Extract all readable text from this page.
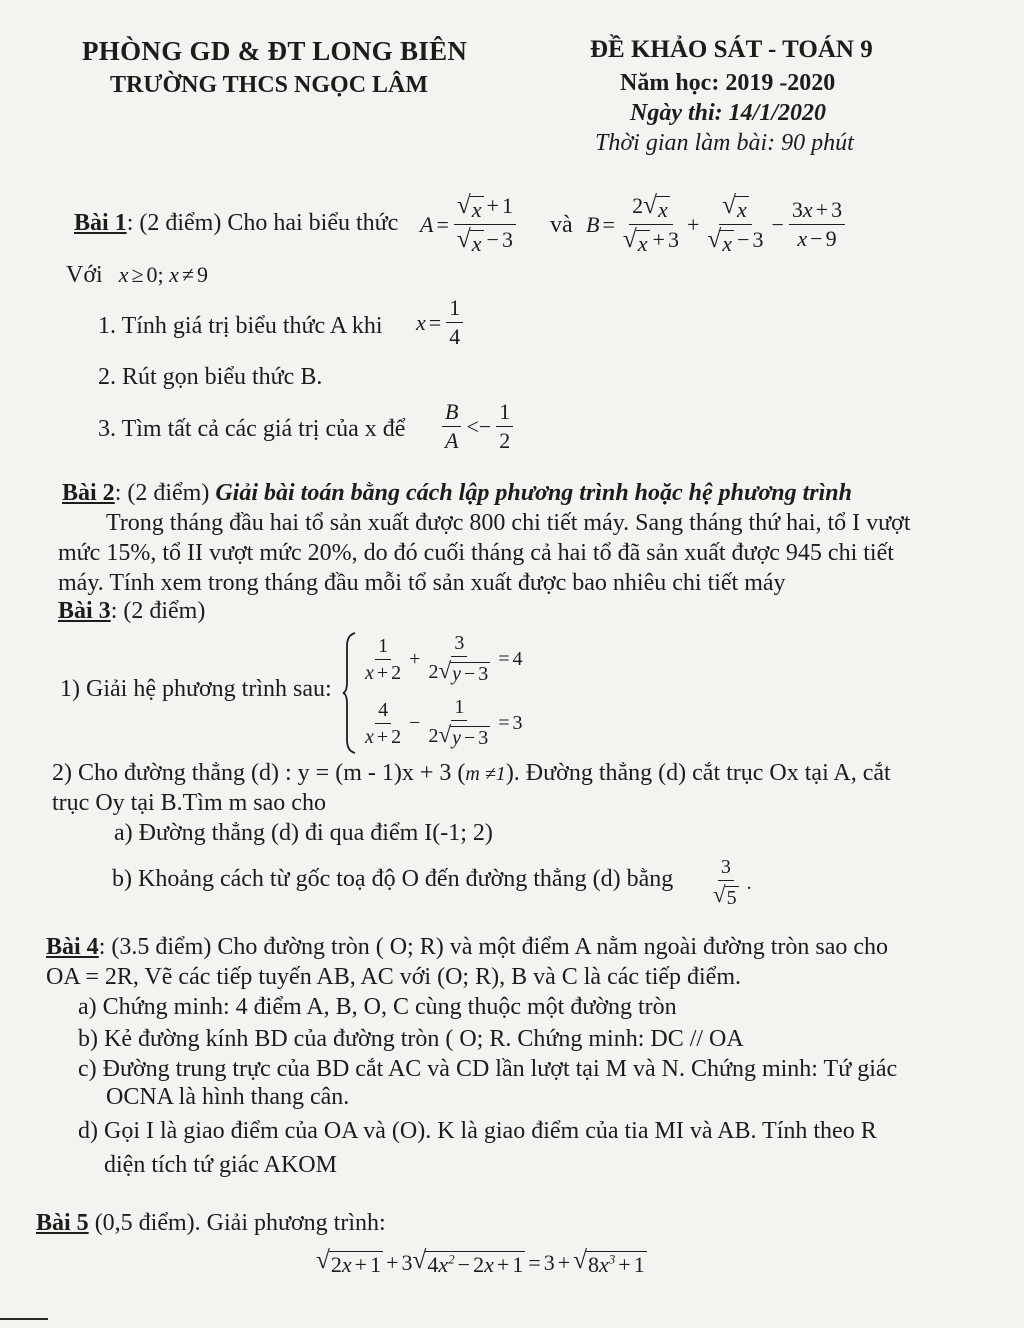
PHÒNG GD & ĐT LONG BIÊN
TRƯỜNG THCS NGỌC LÂM
ĐỀ KHẢO SÁT - TOÁN 9
Năm học: 2019 -2020
Ngày thi: 14/1/2020
Thời gian làm bài: 90 phút
Bài 1: (2 điểm) Cho hai biểu thức $A = \frac{√ x + 1}{√ x - 3}$ và $B = \frac{2 √ x}{√ x + 3} + \frac{√ x}{√ x - 3} - \frac{3x + 3}{x - 9}$
Với x ≥ 0 ; x ≠ 9
1. Tính giá trị biểu thức A khi $x = \frac{1}{4}$
2. Rút gọn biểu thức B.
3. Tìm tất cả các giá trị của x để $\frac{B}{A} <- \frac{1}{2}$
Bài 2: (2 điểm) Giải bài toán bằng cách lập phương trình hoặc hệ phương trình
Trong tháng đầu hai tổ sản xuất được 800 chi tiết máy. Sang tháng thứ hai, tổ I vượt
mức 15%, tổ II vượt mức 20%, do đó cuối tháng cả hai tổ đã sản xuất được 945 chi tiết
máy. Tính xem trong tháng đầu mỗi tổ sản xuất được bao nhiêu chi tiết máy
Bài 3: (2 điểm)
1) Giải hệ phương trình sau:
$\frac{1}{x + 2} + \frac{3}{2 √ y - 3} = 4$
$\frac{4}{x + 2} - \frac{1}{2 √ y - 3} = 3$
2) Cho đường thẳng (d) : y = (m - 1)x + 3 (m ≠1). Đường thẳng (d) cắt trục Ox tại A, cắt
trục Oy tại B.Tìm m sao cho
a) Đường thẳng (d) đi qua điểm I(-1; 2)
b) Khoảng cách từ gốc toạ độ O đến đường thẳng (d) bằng $\frac{3}{√ 5}$ .
Bài 4: (3.5 điểm) Cho đường tròn ( O; R) và một điểm A nằm ngoài đường tròn sao cho
OA = 2R, Vẽ các tiếp tuyến AB, AC với (O; R), B và C là các tiếp điểm.
a) Chứng minh: 4 điểm A, B, O, C cùng thuộc một đường tròn
b) Kẻ đường kính BD của đường tròn ( O; R. Chứng minh: DC // OA
c) Đường trung trực của BD cắt AC và CD lần lượt tại M và N. Chứng minh: Tứ giác
OCNA là hình thang cân.
d) Gọi I là giao điểm của OA và (O). K là giao điểm của tia MI và AB. Tính theo R
diện tích tứ giác AKOM
Bài 5 (0,5 điểm). Giải phương trình:
√ 2x + 1 + 3 √ $4x^2 - 2x + 1 = 3$ + √ $8x^3 + 1$
